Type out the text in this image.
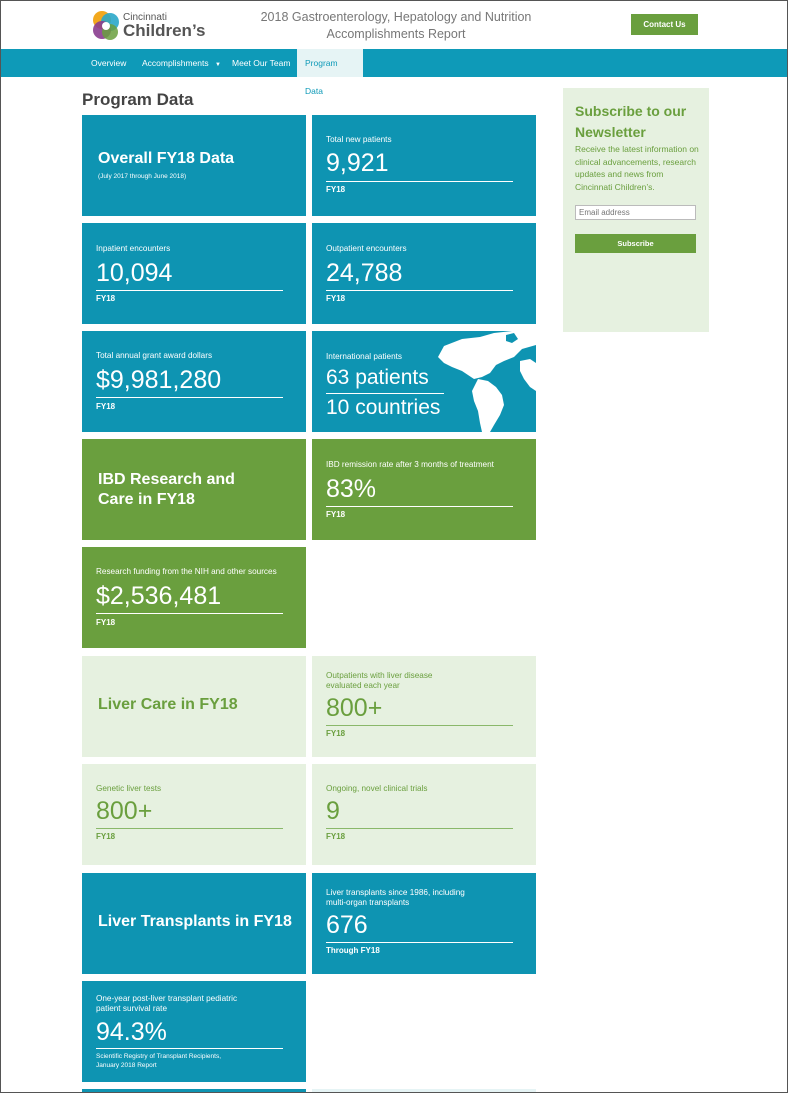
Cincinnati
Children’s
2018 Gastroenterology, Hepatology and Nutrition
Accomplishments Report
Contact Us
Overview Accomplishments ▼ Meet Our Team	Program Data
Program Data
Overall FY18 Data
(July 2017 through June 2018)
Total new patients
9,921
FY18
Inpatient encounters
10,094
FY18
Outpatient encounters
24,788
FY18
Total annual grant award dollars
$9,981,280
FY18
International patients
63 patients
10 countries
IBD Research and
Care in FY18
IBD remission rate after 3 months of treatment
83%
FY18
Research funding from the NIH and other sources
$2,536,481
FY18
Liver Care in FY18
Outpatients with liver disease
evaluated each year
800+
FY18
Genetic liver tests
800+
FY18
Ongoing, novel clinical trials
9
FY18
Liver Transplants in FY18
Liver transplants since 1986, including
multi-organ transplants
676
Through FY18
One-year post-liver transplant pediatric
patient survival rate
94.3%
Scientific Registry of Transplant Recipients,
January 2018 Report
Subscribe to our Newsletter
Receive the latest information on clinical advancements, research updates and news from Cincinnati Children’s.
Email address
Subscribe
